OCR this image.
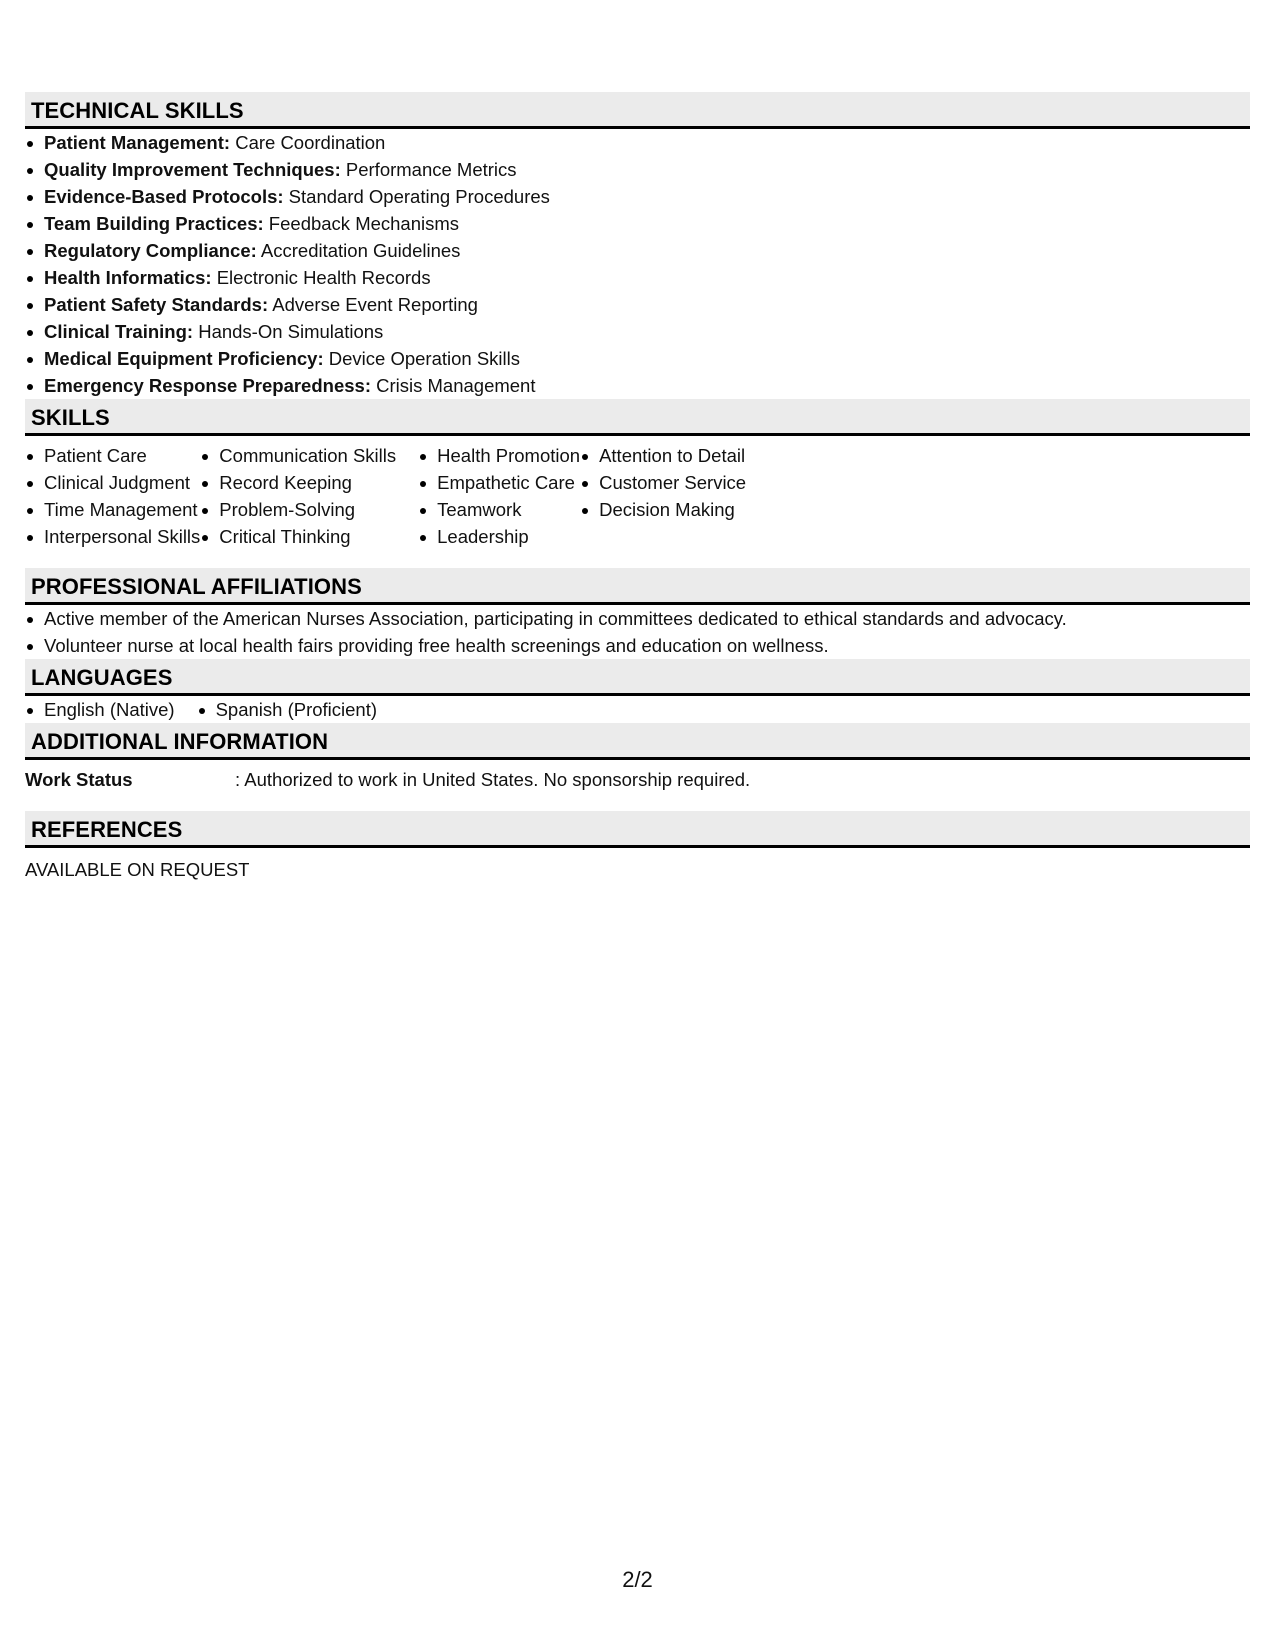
TECHNICAL SKILLS
Patient Management: Care Coordination
Quality Improvement Techniques: Performance Metrics
Evidence-Based Protocols: Standard Operating Procedures
Team Building Practices: Feedback Mechanisms
Regulatory Compliance: Accreditation Guidelines
Health Informatics: Electronic Health Records
Patient Safety Standards: Adverse Event Reporting
Clinical Training: Hands-On Simulations
Medical Equipment Proficiency: Device Operation Skills
Emergency Response Preparedness: Crisis Management
SKILLS
Patient Care
Clinical Judgment
Time Management
Interpersonal Skills
Communication Skills
Record Keeping
Problem-Solving
Critical Thinking
Health Promotion
Empathetic Care
Teamwork
Leadership
Attention to Detail
Customer Service
Decision Making
PROFESSIONAL AFFILIATIONS
Active member of the American Nurses Association, participating in committees dedicated to ethical standards and advocacy.
Volunteer nurse at local health fairs providing free health screenings and education on wellness.
LANGUAGES
English (Native)	Spanish (Proficient)
ADDITIONAL INFORMATION
Work Status	: Authorized to work in United States. No sponsorship required.
REFERENCES
AVAILABLE ON REQUEST
2/2
